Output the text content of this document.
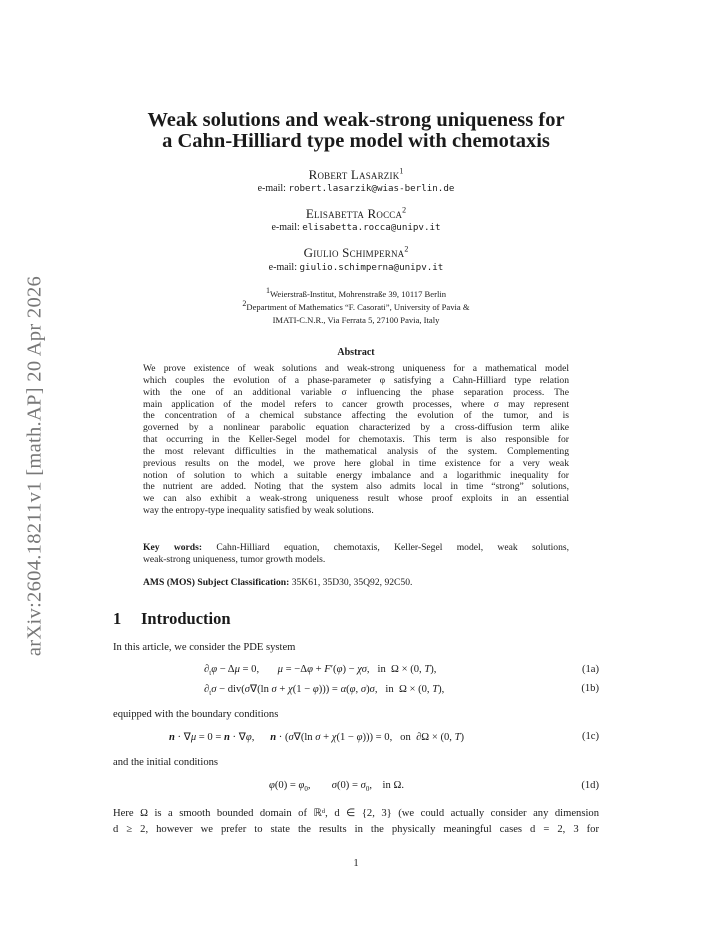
arXiv:2604.18211v1 [math.AP] 20 Apr 2026
Weak solutions and weak-strong uniqueness for
a Cahn-Hilliard type model with chemotaxis
Robert Lasarzik$^1$
e-mail: robert.lasarzik@wias-berlin.de
Elisabetta Rocca$^2$
e-mail: elisabetta.rocca@unipv.it
Giulio Schimperna$^2$
e-mail: giulio.schimperna@unipv.it
1Weierstraß-Institut, Mohrenstraße 39, 10117 Berlin
2Department of Mathematics “F. Casorati”, University of Pavia &
IMATI-C.N.R., Via Ferrata 5, 27100 Pavia, Italy
Abstract

We prove existence of weak solutions and weak-strong uniqueness for a mathematical model

which couples the evolution of a phase-parameter φ satisfying a Cahn-Hilliard type relation

with the one of an additional variable σ influencing the phase separation process. The

main application of the model refers to cancer growth processes, where σ may represent

the concentration of a chemical substance affecting the evolution of the tumor, and is

governed by a nonlinear parabolic equation characterized by a cross-diffusion term alike

that occurring in the Keller-Segel model for chemotaxis. This term is also responsible for

the most relevant difficulties in the mathematical analysis of the system. Complementing

previous results on the model, we prove here global in time existence for a very weak

notion of solution to which a suitable energy imbalance and a logarithmic inequality for

the nutrient are added. Noting that the system also admits local in time “strong” solutions,

we can also exhibit a weak-strong uniqueness result whose proof exploits in an essential

way the entropy-type inequality satisfied by weak solutions.

Key words: Cahn-Hilliard equation, chemotaxis, Keller-Segel model, weak solutions,

weak-strong uniqueness, tumor growth models.

AMS (MOS) Subject Classification: 35K61, 35D30, 35Q92, 92C50.

1 Introduction

In this article, we consider the PDE system

$\partial_t\varphi - \Delta\mu = 0$,       μ = −Δφ + F′(φ) − χσ,   in  Ω × (0, T),	(1a)
$\partial_t\sigma - div(\sigma\nabla(\ln$ σ + χ(1 − φ))) = α(φ, σ)σ,   in  Ω × (0, T),	(1b)

equipped with the boundary conditions

n · ∇μ = 0 = n · ∇φ,      n · (σ∇(ln σ + χ(1 − φ))) = 0,   on  ∂Ω × (0, T)	(1c)

and the initial conditions

$\varphi(0) = \varphi_0$,        $\sigma(0) = \sigma_0$,    in Ω.	(1d)

Here Ω is a smooth bounded domain of ℝᵈ, d ∈ {2, 3} (we could actually consider any dimension

d ≥ 2, however we prefer to state the results in the physically meaningful cases d = 2, 3 for

1
